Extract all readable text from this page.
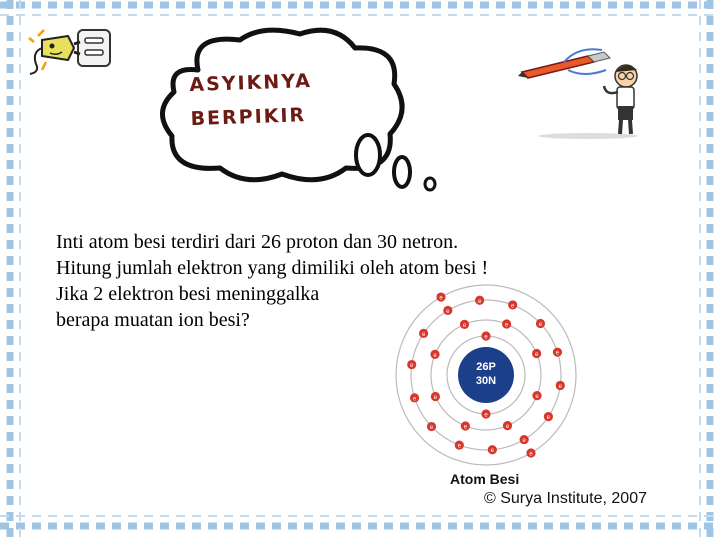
ASYIKNYA
BERPIKIR
Inti atom besi terdiri dari 26 proton dan 30 netron.
Hitung jumlah elektron yang dimiliki oleh atom besi !
Jika 2 elektron besi meninggalka
berapa muatan ion besi?
26P
30N
e
e
e
e
e
e
e
e	e
e
e
e
e
e
e
e
e
e
e
e
e
e
e
e
e
e
Atom Besi
© Surya Institute, 2007
